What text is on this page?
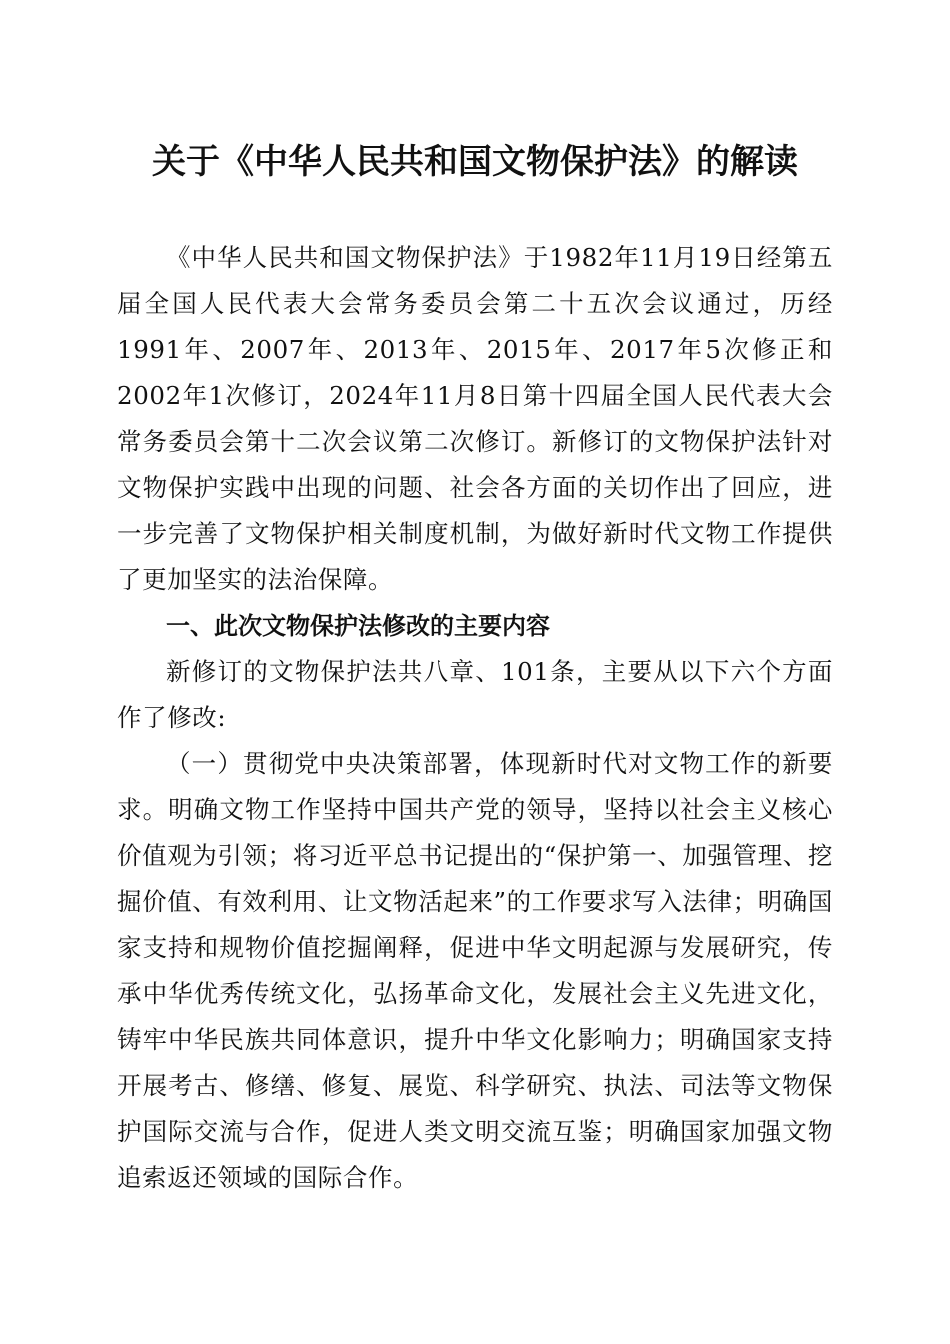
关于《中华人民共和国文物保护法》的解读

《中华人民共和国文物保护法》于1982年11月19日经第五届全国人民代表大会常务委员会第二十五次会议通过，历经1991年、2007年、2013年、2015年、2017年5次修正和2002年1次修订，2024年11月8日第十四届全国人民代表大会常务委员会第十二次会议第二次修订。新修订的文物保护法针对文物保护实践中出现的问题、社会各方面的关切作出了回应，进一步完善了文物保护相关制度机制，为做好新时代文物工作提供了更加坚实的法治保障。

一、此次文物保护法修改的主要内容

新修订的文物保护法共八章、101条，主要从以下六个方面作了修改:

（一）贯彻党中央决策部署，体现新时代对文物工作的新要求。明确文物工作坚持中国共产党的领导，坚持以社会主义核心价值观为引领；将习近平总书记提出的“保护第一、加强管理、挖掘价值、有效利用、让文物活起来”的工作要求写入法律；明确国家支持和规物价值挖掘阐释，促进中华文明起源与发展研究，传承中华优秀传统文化，弘扬革命文化，发展社会主义先进文化，铸牢中华民族共同体意识，提升中华文化影响力；明确国家支持开展考古、修缮、修复、展览、科学研究、执法、司法等文物保护国际交流与合作，促进人类文明交流互鉴；明确国家加强文物追索返还领域的国际合作。
